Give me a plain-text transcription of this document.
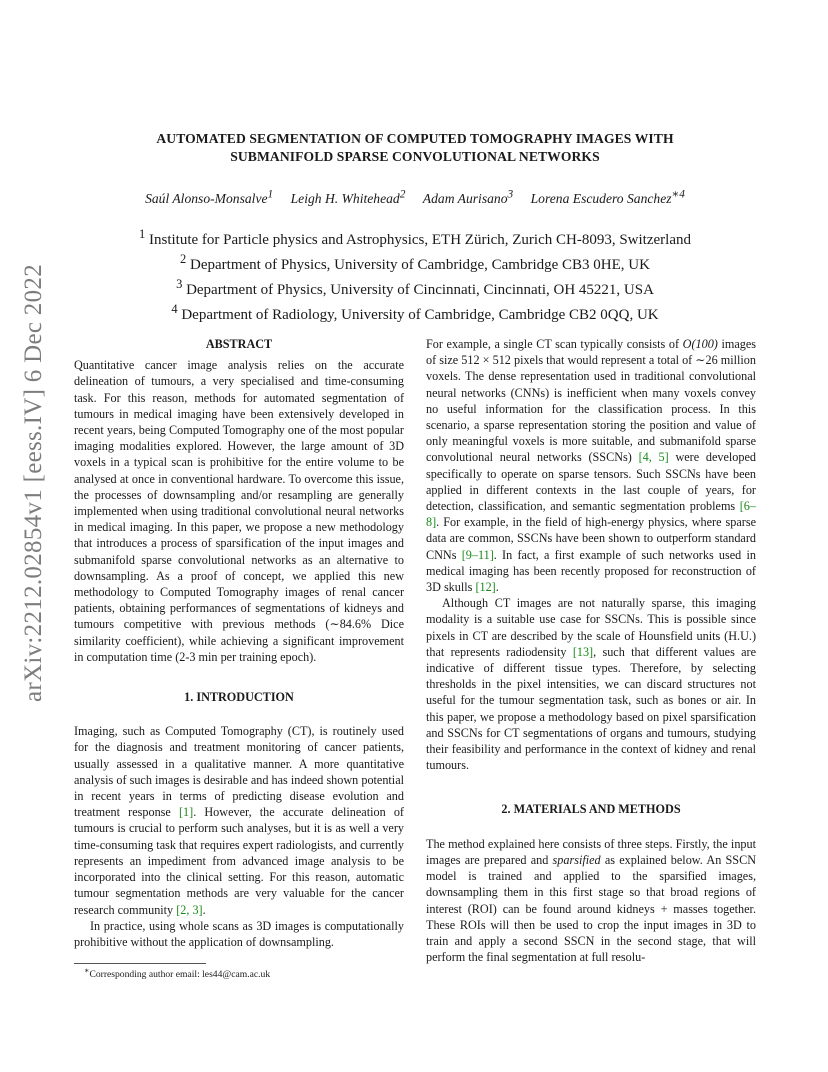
arXiv:2212.02854v1 [eess.IV] 6 Dec 2022
AUTOMATED SEGMENTATION OF COMPUTED TOMOGRAPHY IMAGES WITH
SUBMANIFOLD SPARSE CONVOLUTIONAL NETWORKS
Saúl Alonso-Monsalve$^1$ Leigh H. Whitehead$^2$ Adam Aurisano$^3$ Lorena Escudero Sanchez$^{∗4}$
$^1$ Institute for Particle physics and Astrophysics, ETH Zürich, Zurich CH-8093, Switzerland
$^2$ Department of Physics, University of Cambridge, Cambridge CB3 0HE, UK
$^3$ Department of Physics, University of Cincinnati, Cincinnati, OH 45221, USA
$^4$ Department of Radiology, University of Cambridge, Cambridge CB2 0QQ, UK
ABSTRACT

Quantitative cancer image analysis relies on the accurate delineation of tumours, a very specialised and time-consuming task. For this reason, methods for automated segmentation of tumours in medical imaging have been extensively developed in recent years, being Computed Tomography one of the most popular imaging modalities explored. However, the large amount of 3D voxels in a typical scan is prohibitive for the entire volume to be analysed at once in conventional hardware. To overcome this issue, the processes of downsampling and/or resampling are generally implemented when using traditional convolutional neural networks in medical imaging. In this paper, we propose a new methodology that introduces a process of sparsification of the input images and submanifold sparse convolutional networks as an alternative to downsampling. As a proof of concept, we applied this new methodology to Computed Tomography images of renal cancer patients, obtaining performances of segmentations of kidneys and tumours competitive with previous methods (∼84.6% Dice similarity coefficient), while achieving a significant improvement in computation time (2-3 min per training epoch).

1. INTRODUCTION

Imaging, such as Computed Tomography (CT), is routinely used for the diagnosis and treatment monitoring of cancer patients, usually assessed in a qualitative manner. A more quantitative analysis of such images is desirable and has indeed shown potential in recent years in terms of predicting disease evolution and treatment response [1]. However, the accurate delineation of tumours is crucial to perform such analyses, but it is as well a very time-consuming task that requires expert radiologists, and currently represents an impediment from advanced image analysis to be incorporated into the clinical setting. For this reason, automatic tumour segmentation methods are very valuable for the cancer research community [2, 3].

In practice, using whole scans as 3D images is computationally prohibitive without the application of downsampling.

For example, a single CT scan typically consists of O(100) images of size 512 × 512 pixels that would represent a total of ∼26 million voxels. The dense representation used in traditional convolutional neural networks (CNNs) is inefficient when many voxels convey no useful information for the classification process. In this scenario, a sparse representation storing the position and value of only meaningful voxels is more suitable, and submanifold sparse convolutional neural networks (SSCNs) [4, 5] were developed specifically to operate on sparse tensors. Such SSCNs have been applied in different contexts in the last couple of years, for detection, classification, and semantic segmentation problems [6–8]. For example, in the field of high-energy physics, where sparse data are common, SSCNs have been shown to outperform standard CNNs [9–11]. In fact, a first example of such networks used in medical imaging has been recently proposed for reconstruction of 3D skulls [12].

Although CT images are not naturally sparse, this imaging modality is a suitable use case for SSCNs. This is possible since pixels in CT are described by the scale of Hounsfield units (H.U.) that represents radiodensity [13], such that different values are indicative of different tissue types. Therefore, by selecting thresholds in the pixel intensities, we can discard structures not useful for the tumour segmentation task, such as bones or air. In this paper, we propose a methodology based on pixel sparsification and SSCNs for CT segmentations of organs and tumours, studying their feasibility and performance in the context of kidney and renal tumours.

2. MATERIALS AND METHODS

The method explained here consists of three steps. Firstly, the input images are prepared and sparsified as explained below. An SSCN model is trained and applied to the sparsified images, downsampling them in this first stage so that broad regions of interest (ROI) can be found around kidneys + masses together. These ROIs will then be used to crop the input images in 3D to train and apply a second SSCN in the second stage, that will perform the final segmentation at full resolu-

∗Corresponding author email: les44@cam.ac.uk
